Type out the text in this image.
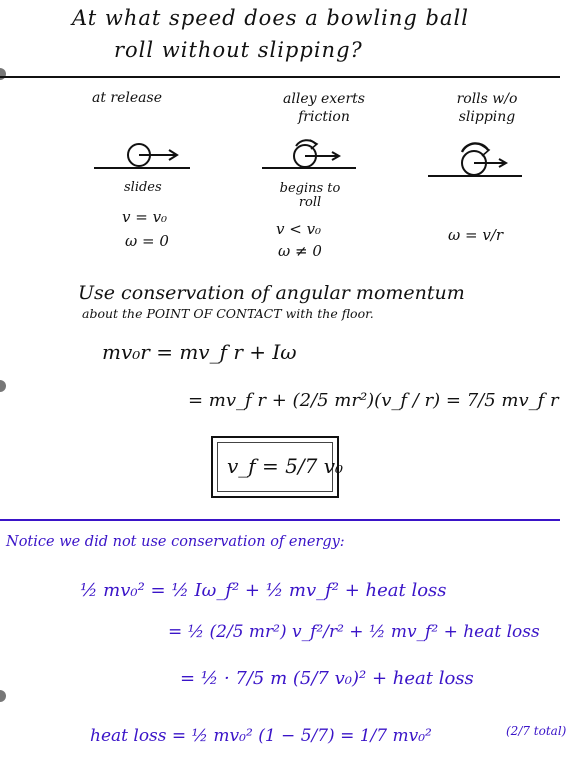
At what speed does a bowling ball
roll without slipping?
at release	alley exerts friction
rolls w/o slipping
slides	begins to roll
v = v₀
ω = 0
v < v₀
ω ≠ 0
ω = v/r
Use conservation of angular momentum
about the POINT OF CONTACT with the floor.
mv₀r = mv_f r + Iω
= mv_f r + (2/5 mr²)(v_f / r) = 7/5 mv_f r
v_f = 5/7 v₀
Notice we did not use conservation of energy:
½ mv₀² = ½ Iω_f² + ½ mv_f² + heat loss
= ½ (2/5 mr²) v_f²/r² + ½ mv_f² + heat loss
= ½ · 7/5 m (5/7 v₀)² + heat loss
heat loss = ½ mv₀² (1 − 5/7) = 1/7 mv₀²	(2/7 total)
